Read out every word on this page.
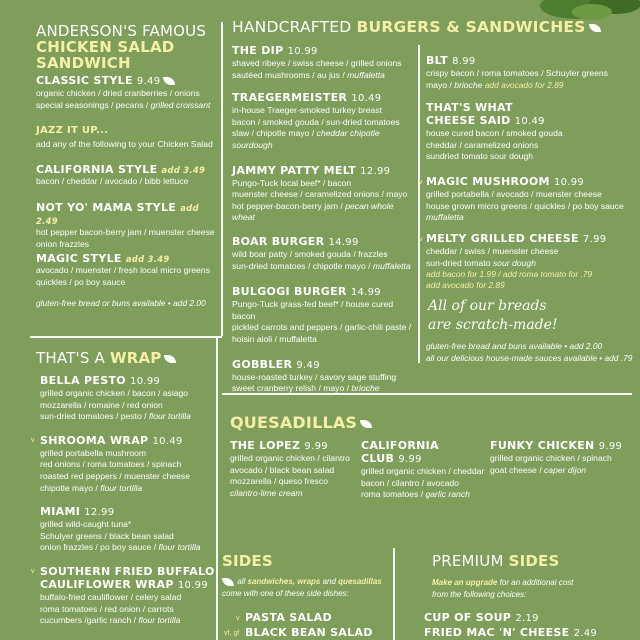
ANDERSON'S FAMOUS
CHICKEN SALAD
SANDWICH
CLASSIC STYLE 9.49
organic chicken / dried cranberries / onions
special seasonings / pecans / grilled croissant
JAZZ IT UP...
add any of the following to your Chicken Salad
CALIFORNIA STYLE add 3.49
bacon / cheddar / avocado / bibb lettuce
NOT YO' MAMA STYLE add 2.49
hot pepper bacon-berry jam / muenster cheese
onion frazzles
MAGIC STYLE add 3.49
avocado / muenster / fresh local micro greens
quickles / po boy sauce
gluten-free bread or buns available • add 2.00
THAT'S A WRAP
BELLA PESTO 10.99
grilled organic chicken / bacon / asiago
mozzarella / romaine / red onion
sun-dried tomatoes / pesto / flour tortilla
v SHROOMA WRAP 10.49
grilled portabella mushroom
red onions / roma tomatoes / spinach
roasted red peppers / muenster cheese
chipotle mayo / flour tortilla
MIAMI 12.99
grilled wild-caught tuna*
Schulyer greens / black bean salad
onion frazzles / po boy sauce / flour tortilla
v SOUTHERN FRIED BUFFALO
CAULIFLOWER WRAP 10.99
buffalo-fried cauliflower / celery salad
roma tomatoes / red onion / carrots
cucumbers /garlic ranch / flour tortilla
HANDCRAFTED BURGERS & SANDWICHES
THE DIP 10.99
shaved ribeye / swiss cheese / grilled onions
sautéed mushrooms / au jus / muffaletta
TRAEGERMEISTER 10.49
in-house Traeger-smoked turkey breast
bacon / smoked gouda / sun-dried tomatoes
slaw / chipotle mayo / cheddar chipotle sourdough
JAMMY PATTY MELT 12.99
Pungo-Tuck local beef* / bacon
muenster cheese / caramelized onions / mayo
hot pepper-bacon-berry jam / pecan whole wheat
BOAR BURGER 14.99
wild boar patty / smoked gouda / frazzles
sun-dried tomatoes / chipotle mayo / muffaletta
BULGOGI BURGER 14.99
Pungo-Tuck grass-fed beef* / house cured bacon
pickled carrots and peppers / garlic-chili paste /
hoisin aioli / muffaletta
GOBBLER 9.49
house-roasted turkey / savory sage stuffing
sweet cranberry relish / mayo / brioche
BLT 8.99
crispy bacon / roma tomatoes / Schuyler greens
mayo / brioche add avocado for 2.89
THAT'S WHAT
CHEESE SAID 10.49
house cured bacon / smoked gouda
cheddar / caramelized onions
sundried tomato sour dough
v MAGIC MUSHROOM 10.99
grilled portabella / avocado / muenster cheese
house grown micro greens / quickles / po boy sauce
muffaletta
v MELTY GRILLED CHEESE 7.99
cheddar / swiss / muenster cheese
sun-dried tomato sour dough
add bacon for 1.99 / add roma tomato for .79
add avocado for 2.89
All of our breads
are scratch-made!
gluten-free bread and buns available • add 2.00
all our delicious house-made sauces available • add .79
QUESADILLAS
THE LOPEZ 9.99
grilled organic chicken / cilantro
avocado / black bean salad
mozzarella / queso fresco
cilantro-lime cream
CALIFORNIA
CLUB 9.99
grilled organic chicken / cheddar
bacon / cilantro / avocado
roma tomatoes / garlic ranch
FUNKY CHICKEN 9.99
grilled organic chicken / spinach
goat cheese / caper dijon
SIDES
all sandwiches, wraps and quesadillas
come with one of these side dishes:
v PASTA SALAD
vf, gf BLACK BEAN SALAD
PREMIUM SIDES
Make an upgrade for an additional cost
from the following choices:
CUP OF SOUP 2.19
FRIED MAC 'N' CHEESE 2.49
